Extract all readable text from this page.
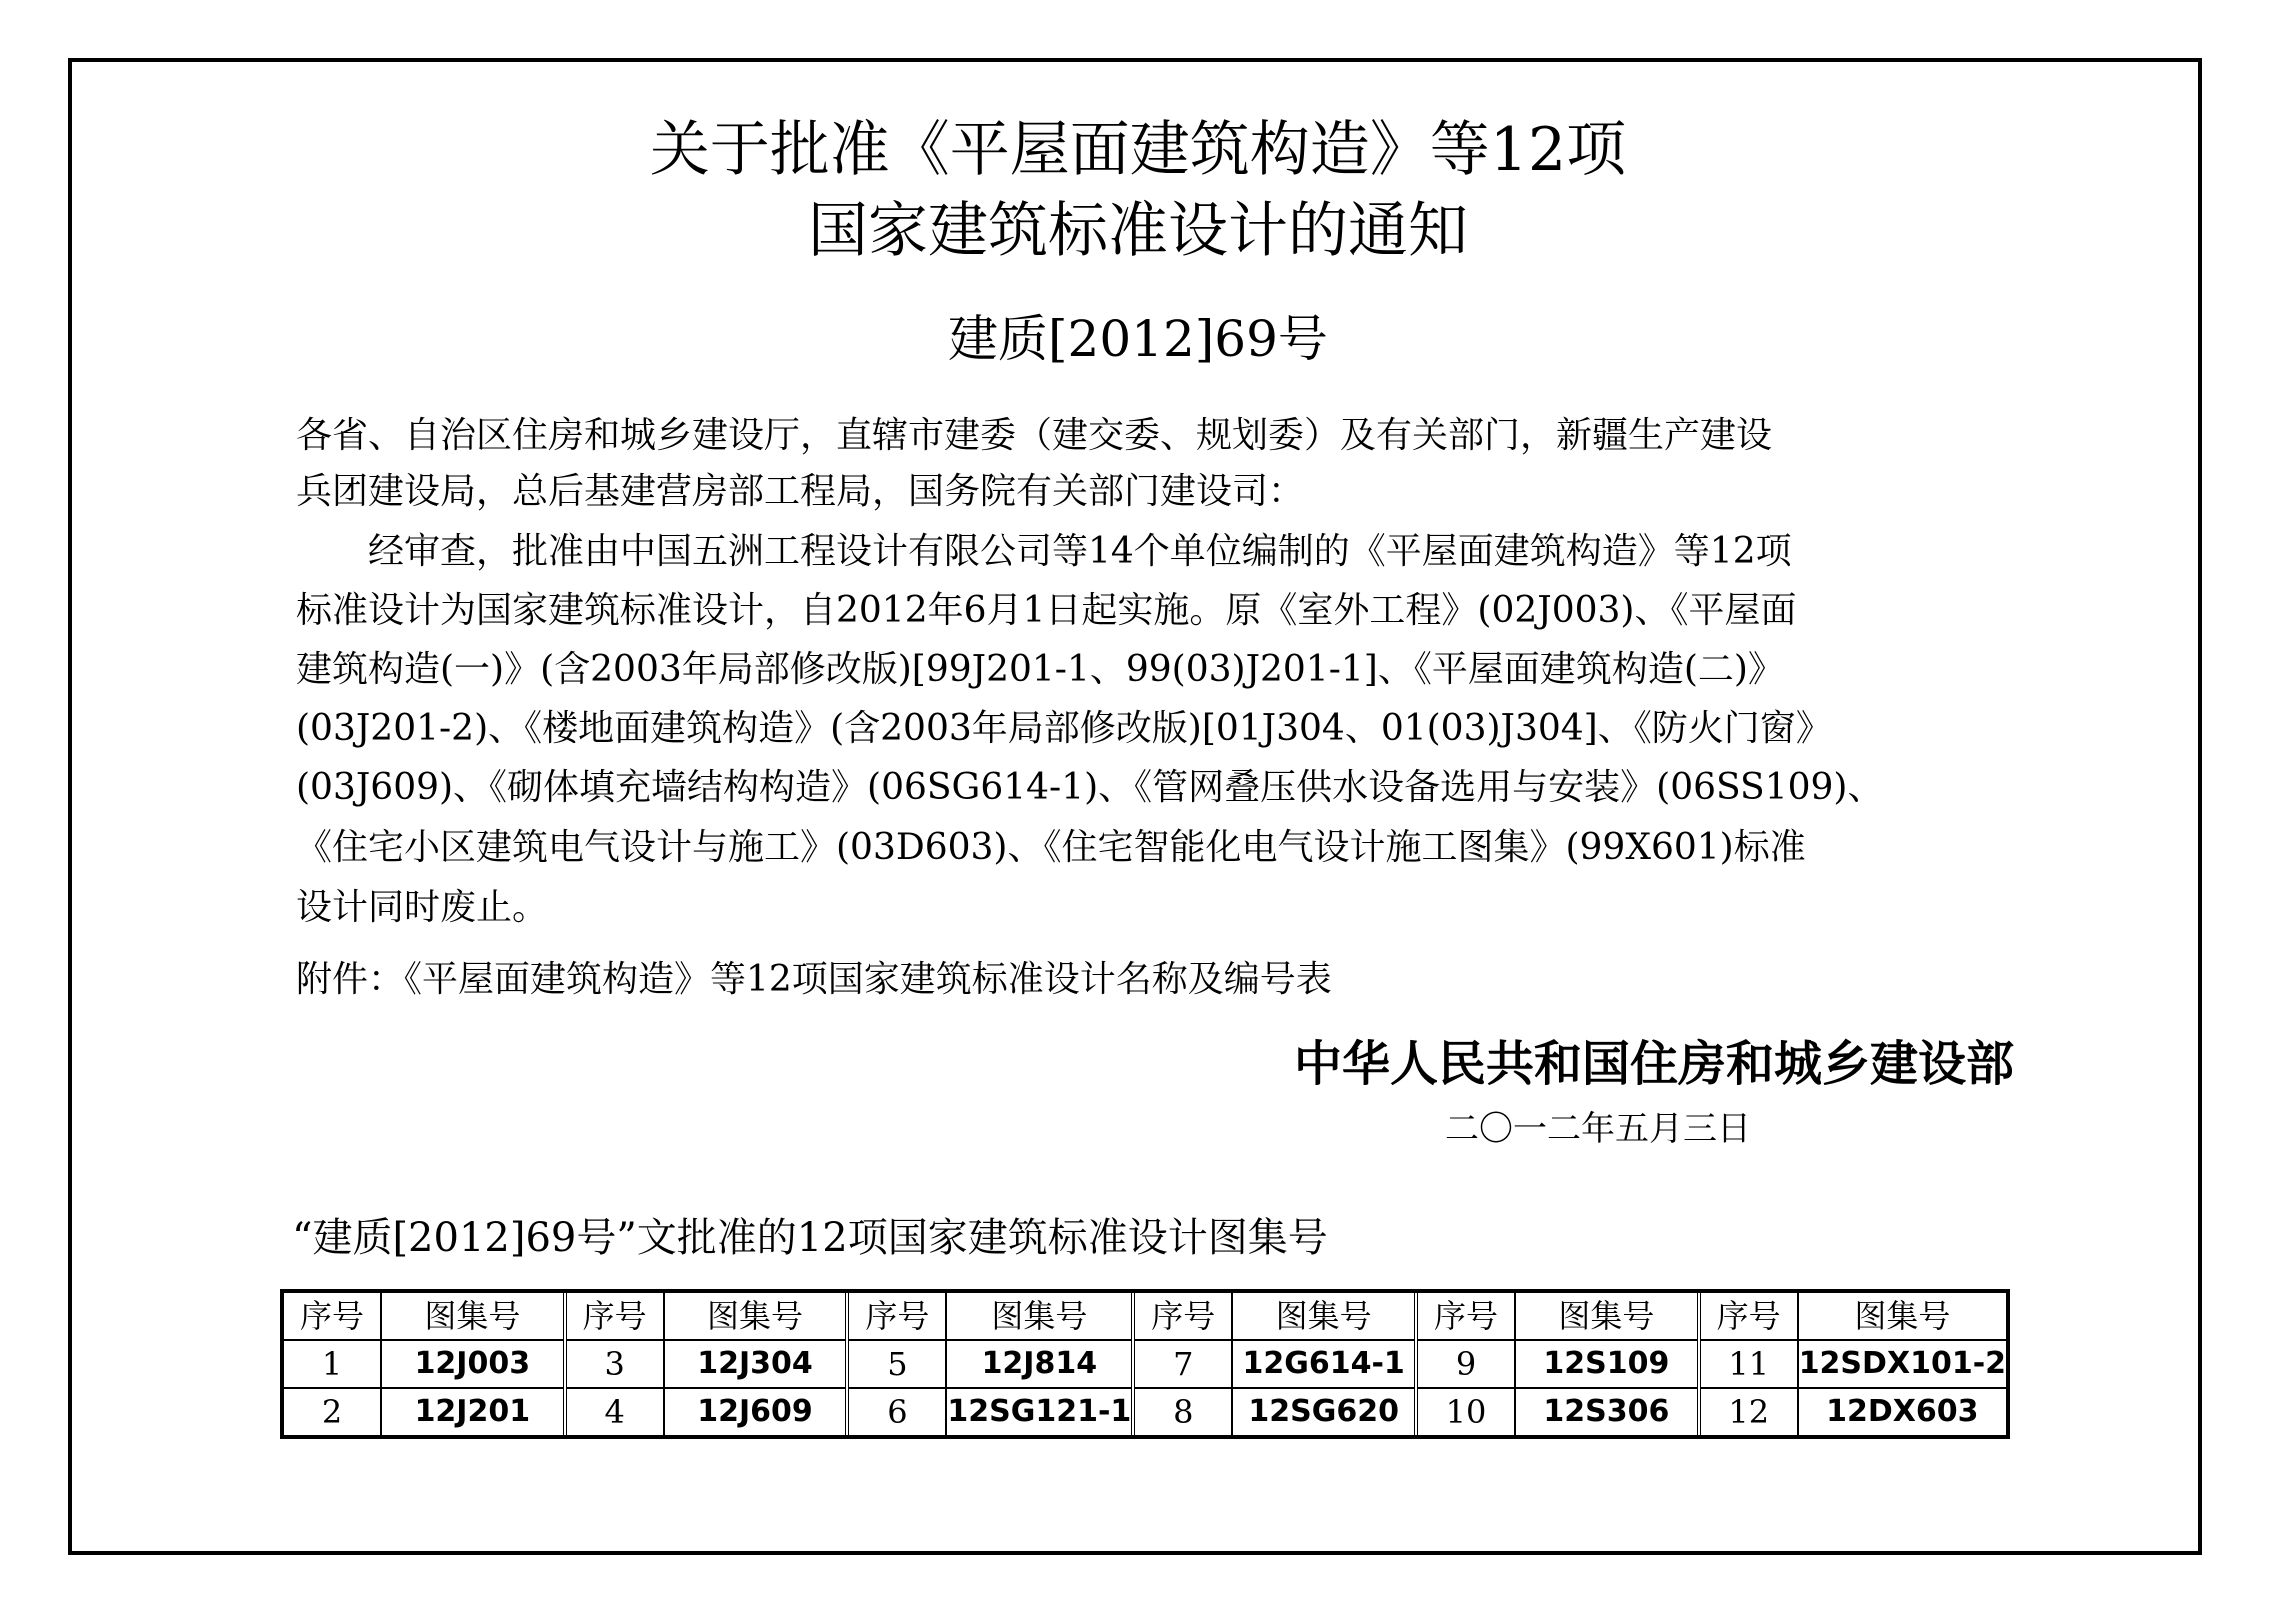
关于批准《平屋面建筑构造》等12项
国家建筑标准设计的通知
建质[2012]69号
各省、自治区住房和城乡建设厅，直辖市建委（建交委、规划委）及有关部门，新疆生产建设
兵团建设局，总后基建营房部工程局，国务院有关部门建设司：
　　经审查，批准由中国五洲工程设计有限公司等14个单位编制的《平屋面建筑构造》等12项
标准设计为国家建筑标准设计，自2012年6月1日起实施。原《室外工程》(02J003)、《平屋面
建筑构造(一)》(含2003年局部修改版)[99J201-1、99(03)J201-1]、《平屋面建筑构造(二)》
(03J201-2)、《楼地面建筑构造》(含2003年局部修改版)[01J304、01(03)J304]、《防火门窗》
(03J609)、《砌体填充墙结构构造》(06SG614-1)、《管网叠压供水设备选用与安装》(06SS109)、
《住宅小区建筑电气设计与施工》(03D603)、《住宅智能化电气设计施工图集》(99X601)标准
设计同时废止。
附件：《平屋面建筑构造》等12项国家建筑标准设计名称及编号表
中华人民共和国住房和城乡建设部
二〇一二年五月三日
“建质[2012]69号”文批准的12项国家建筑标准设计图集号
序号	图集号
1	12J003
2	12J201
序号	图集号
3	12J304
4	12J609
序号	图集号
5	12J814
6	12SG121-1
序号	图集号
7	12G614-1
8	12SG620
序号	图集号
9	12S109
10	12S306
序号	图集号
11 12SDX101-2
12	12DX603
